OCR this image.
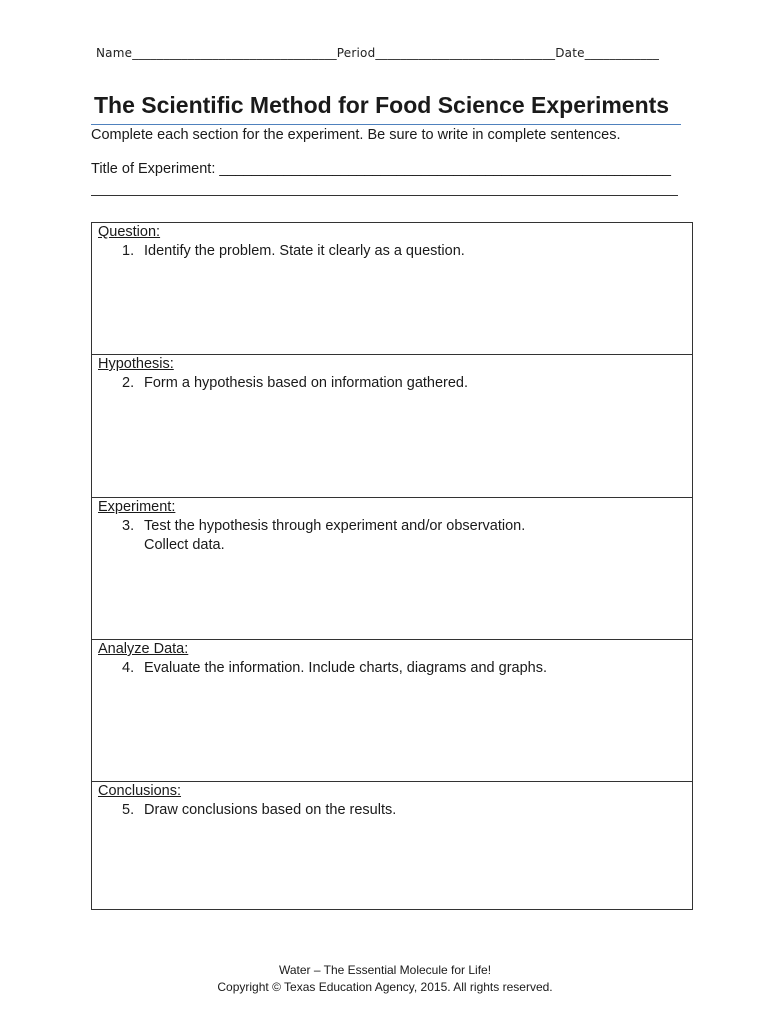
Name_________________________________Period_____________________________Date____________
The Scientific Method for Food Science Experiments
Complete each section for the experiment. Be sure to write in complete sentences.
Title of Experiment: ________________________________________________________
Question:
1. Identify the problem. State it clearly as a question.
Hypothesis:
2. Form a hypothesis based on information gathered.
Experiment:
3. Test the hypothesis through experiment and/or observation.
Collect data.
Analyze Data:
4. Evaluate the information. Include charts, diagrams and graphs.
Conclusions:
5. Draw conclusions based on the results.
Water – The Essential Molecule for Life!
Copyright © Texas Education Agency, 2015. All rights reserved.
